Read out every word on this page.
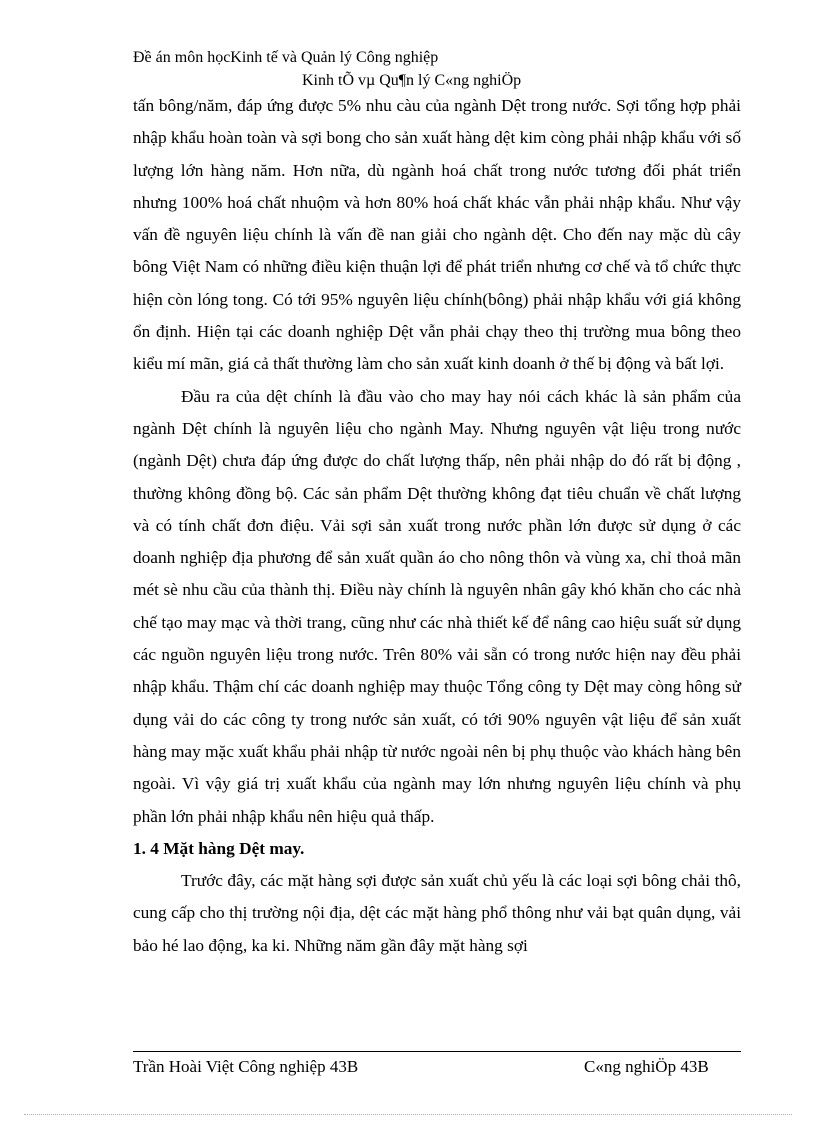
Đề án môn họcKinh tế và Quản lý Công nghiệp
Kinh tÕ vµ Qu¶n lý C«ng nghiÖp

tấn bông/năm, đáp ứng được 5% nhu càu của ngành Dệt trong nước. Sợi tổng hợp phải nhập khẩu hoàn toàn và sợi bong cho sản xuất hàng dệt kim còng phải nhập khẩu với số lượng lớn hàng năm. Hơn nữa, dù ngành hoá chất trong nước tương đối phát triển nhưng 100% hoá chất nhuộm và hơn 80% hoá chất khác vẫn phải nhập khẩu. Như vậy vấn đề nguyên liệu chính là vấn đề nan giải cho ngành dệt. Cho đến nay mặc dù cây bông Việt Nam có những điều kiện thuận lợi để phát triển nhưng cơ chế và tổ chức thực hiện còn lóng tong. Có tới 95% nguyên liệu chính(bông) phải nhập khẩu với giá không ổn định. Hiện tại các doanh nghiệp Dệt vẫn phải chạy theo thị trường mua bông theo kiểu mí mãn, giá cả thất thường làm cho sản xuất kinh doanh ở thế bị động và bất lợi.

Đầu ra của dệt chính là đầu vào cho may hay nói cách khác là sản phẩm của ngành Dệt chính là nguyên liệu cho ngành May. Nhưng nguyên vật liệu trong nước (ngành Dệt) chưa đáp ứng được do chất lượng thấp, nên phải nhập do đó rất bị động , thường không đồng bộ. Các sản phẩm Dệt thường không đạt tiêu chuẩn về chất lượng và có tính chất đơn điệu. Vải sợi sản xuất trong nước phần lớn được sử dụng ở các doanh nghiệp địa phương để sản xuất quần áo cho nông thôn và vùng xa, chỉ thoả mãn mét sè nhu cầu của thành thị. Điều này chính là nguyên nhân gây khó khăn cho các nhà chế tạo may mạc và thời trang, cũng như các nhà thiết kế để nâng cao hiệu suất sử dụng các nguồn nguyên liệu trong nước. Trên 80% vải sẵn có trong nước hiện nay đều phải nhập khẩu. Thậm chí các doanh nghiệp may thuộc Tổng công ty Dệt may còng hông sử dụng vải do các công ty trong nước sản xuất, có tới 90% nguyên vật liệu để sản xuất hàng may mặc xuất khẩu phải nhập từ nước ngoài nên bị phụ thuộc vào khách hàng bên ngoài. Vì vậy giá trị xuất khẩu của ngành may lớn nhưng nguyên liệu chính và phụ phần lớn phải nhập khẩu nên hiệu quả thấp.

1. 4 Mặt hàng Dệt may.

Trước đây, các mặt hàng sợi được sản xuất chủ yếu là các loại sợi bông chải thô, cung cấp cho thị trường nội địa, dệt các mặt hàng phổ thông như vải bạt quân dụng, vải bảo hé lao động, ka ki. Những năm gần đây mặt hàng sợi

Trần Hoài Việt Công nghiệp 43B	C«ng nghiÖp 43B
